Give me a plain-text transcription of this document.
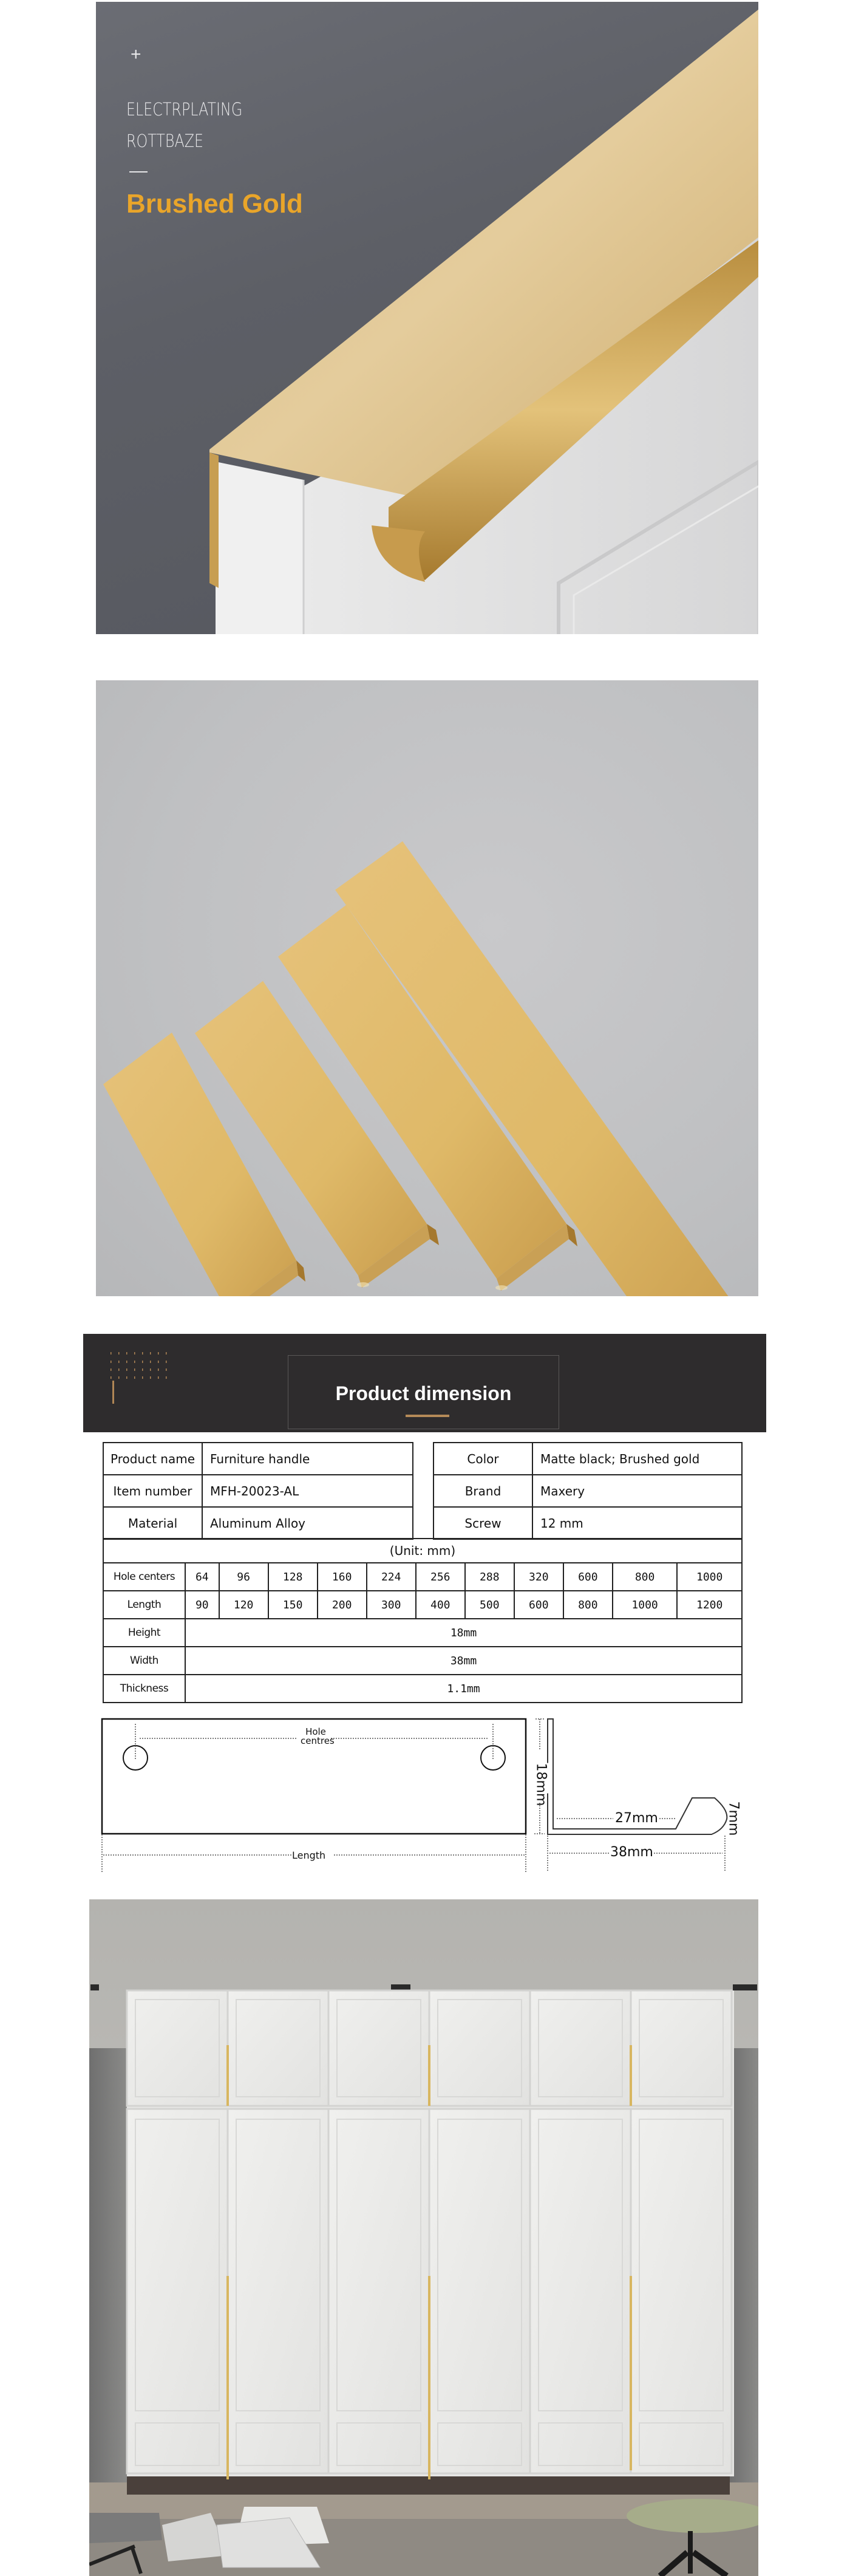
+
ELECTRPLATING
ROTTBAZE
Brushed Gold
Product dimension
Product name	Furniture handle
Item number	MFH-20023-AL
Material	Aluminum Alloy
Color	Matte black; Brushed gold
Brand	Maxery
Screw	12 mm
(Unit: mm)											
Hole centers	64	96	128	160	224	256	288	320	600	800	1000
Length	90	120	150	200	300	400	500	600	800	1000	1200
Height	18mm										
Width	38mm										
Thickness	1.1mm										
Hole
centres
Length
18mm
27mm
38mm
7mm
